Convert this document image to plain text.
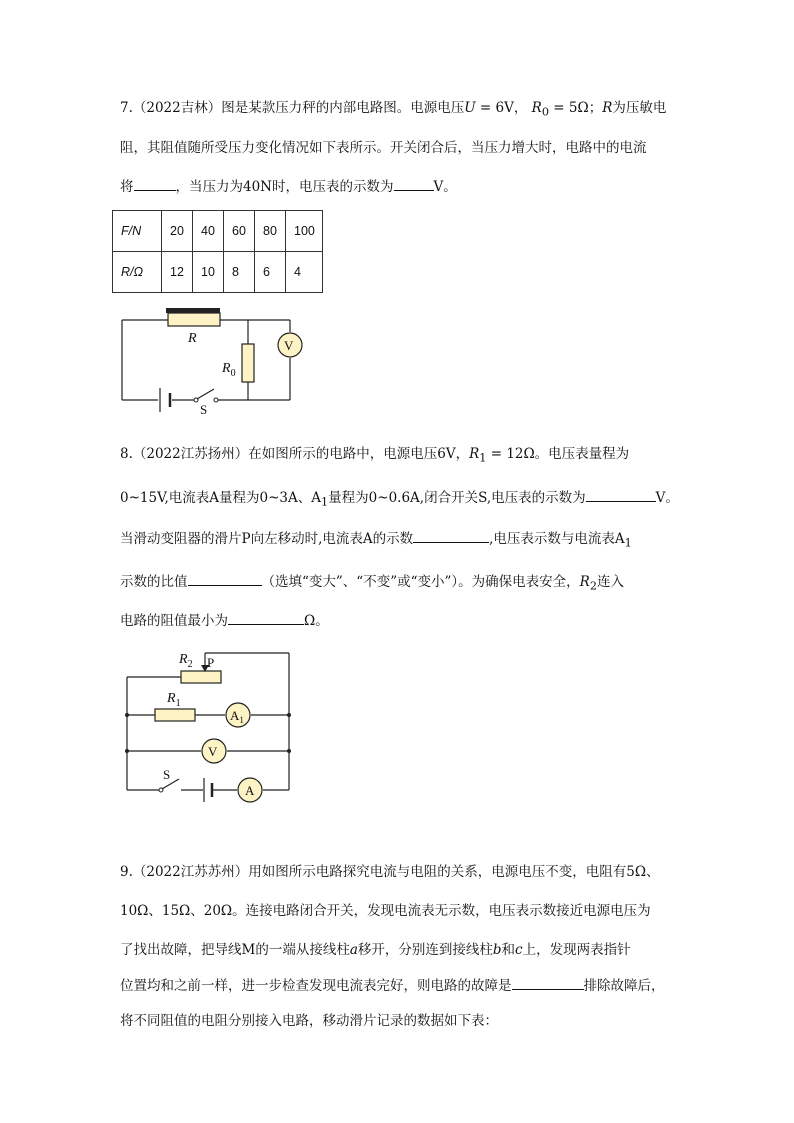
7.（2022吉林）图是某款压力秤的内部电路图。电源电压U = 6V， $R_0 = 5\Omega$；R为压敏电
阻，其阻值随所受压力变化情况如下表所示。开关闭合后，当压力增大时，电路中的电流
将	，当压力为40N时，电压表的示数为	V。
F/N	20	40	60	80	100
R/Ω	12	10	8	6	4
R
$R_0$
V
S
8.（2022江苏扬州）在如图所示的电路中，电源电压6V，$R_1 = 12\Omega$。电压表量程为
0~15V,电流表A量程为0~3A、$A_1$量程为0~0.6A,闭合开关S,电压表的示数为	V。
当滑动变阻器的滑片P向左移动时,电流表A的示数	,电压表示数与电流表$A_1$
示数的比值	（选填“变大”、“不变”或“变小”）。为确保电表安全，$R_2$连入
电路的阻值最小为	Ω。
$R_2$ P
$R_1$
$A_1$
V
S
A
9.（2022江苏苏州）用如图所示电路探究电流与电阻的关系，电源电压不变，电阻有5Ω、
10Ω、15Ω、20Ω。连接电路闭合开关，发现电流表无示数，电压表示数接近电源电压为
了找出故障，把导线M的一端从接线柱a移开，分别连到接线柱b和c上，发现两表指针
位置均和之前一样，进一步检查发现电流表完好，则电路的故障是	排除故障后，
将不同阻值的电阻分别接入电路，移动滑片记录的数据如下表：
